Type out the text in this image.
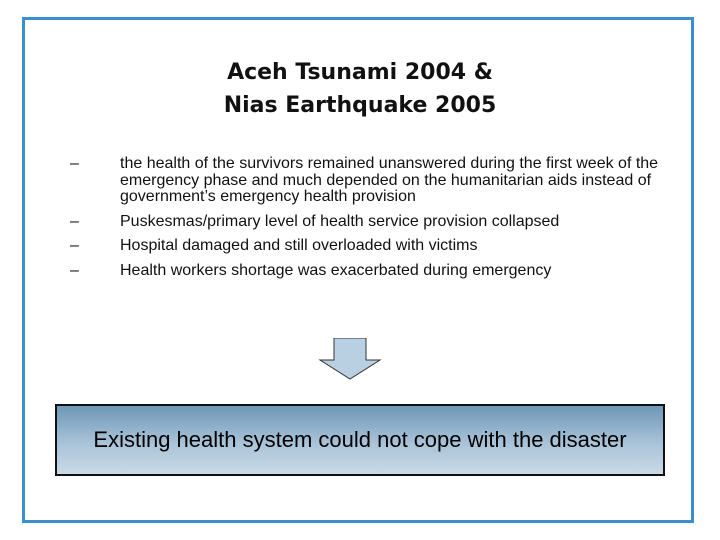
Aceh Tsunami 2004 &
Nias Earthquake 2005
–	the health of the survivors remained unanswered during the first week of the emergency phase and much depended on the humanitarian aids instead of government’s emergency health provision
–	Puskesmas/primary level of health service provision collapsed
–	Hospital damaged and still overloaded with victims
–	Health workers shortage was exacerbated during emergency
Existing health system could not cope with the disaster
